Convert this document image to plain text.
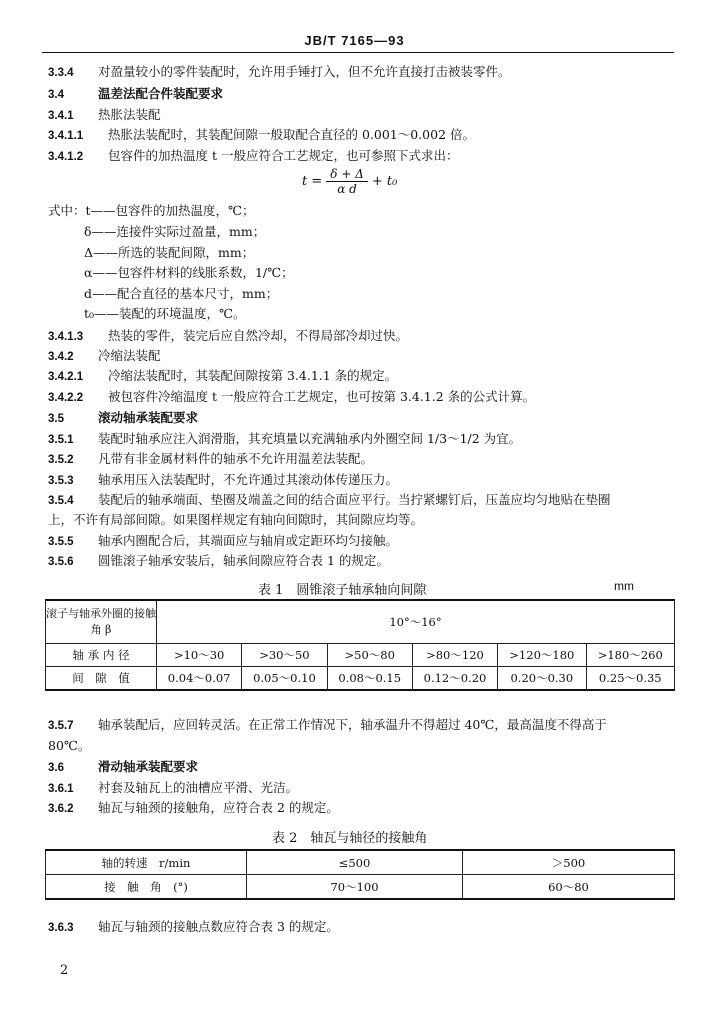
JB/T 7165—93
3.3.4 对盈量较小的零件装配时，允许用手锤打入，但不允许直接打击被装零件。
3.4	温差法配合件装配要求
3.4.1 热胀法装配
3.4.1.1 热胀法装配时，其装配间隙一般取配合直径的 0.001～0.002 倍。
3.4.1.2 包容件的加热温度 t 一般应符合工艺规定，也可参照下式求出：
$t = \frac{\delta + \Delta}{\text{α d}} + t_0$
式中：t——包容件的加热温度，℃；
δ——连接件实际过盈量，mm；
Δ——所选的装配间隙，mm；
α——包容件材料的线胀系数，1/℃；
d——配合直径的基本尺寸，mm；
t₀——装配的环境温度，℃。
3.4.1.3 热装的零件，装完后应自然冷却，不得局部冷却过快。
3.4.2 冷缩法装配
3.4.2.1 冷缩法装配时，其装配间隙按第 3.4.1.1 条的规定。
3.4.2.2 被包容件冷缩温度 t 一般应符合工艺规定，也可按第 3.4.1.2 条的公式计算。
3.5	滚动轴承装配要求
3.5.1 装配时轴承应注入润滑脂，其充填量以充满轴承内外圈空间 1/3～1/2 为宜。
3.5.2 凡带有非金属材料件的轴承不允许用温差法装配。
3.5.3 轴承用压入法装配时，不允许通过其滚动体传递压力。
3.5.4 装配后的轴承端面、垫圈及端盖之间的结合面应平行。当拧紧螺钉后，压盖应均匀地贴在垫圈
上，不许有局部间隙。如果图样规定有轴向间隙时，其间隙应均等。
3.5.5 轴承内圈配合后，其端面应与轴肩或定距环均匀接触。
3.5.6 圆锥滚子轴承安装后，轴承间隙应符合表 1 的规定。
表 1　圆锥滚子轴承轴向间隙	mm
滚子与轴承外圈的接触角 β	10°～16°					
轴 承 内 径	>10～30	>30～50	>50～80	>80～120	>120～180	>180～260
间　隙　值	0.04～0.07	0.05～0.10	0.08～0.15	0.12～0.20	0.20～0.30	0.25～0.35
3.5.7 轴承装配后，应回转灵活。在正常工作情况下，轴承温升不得超过 40℃，最高温度不得高于
80℃。
3.6	滑动轴承装配要求
3.6.1 衬套及轴瓦上的油槽应平滑、光洁。
3.6.2 轴瓦与轴颈的接触角，应符合表 2 的规定。
表 2　轴瓦与轴径的接触角
轴的转速　r/min	≤500	＞500
接　触　角　(°)	70～100	60～80
3.6.3 轴瓦与轴颈的接触点数应符合表 3 的规定。
2
